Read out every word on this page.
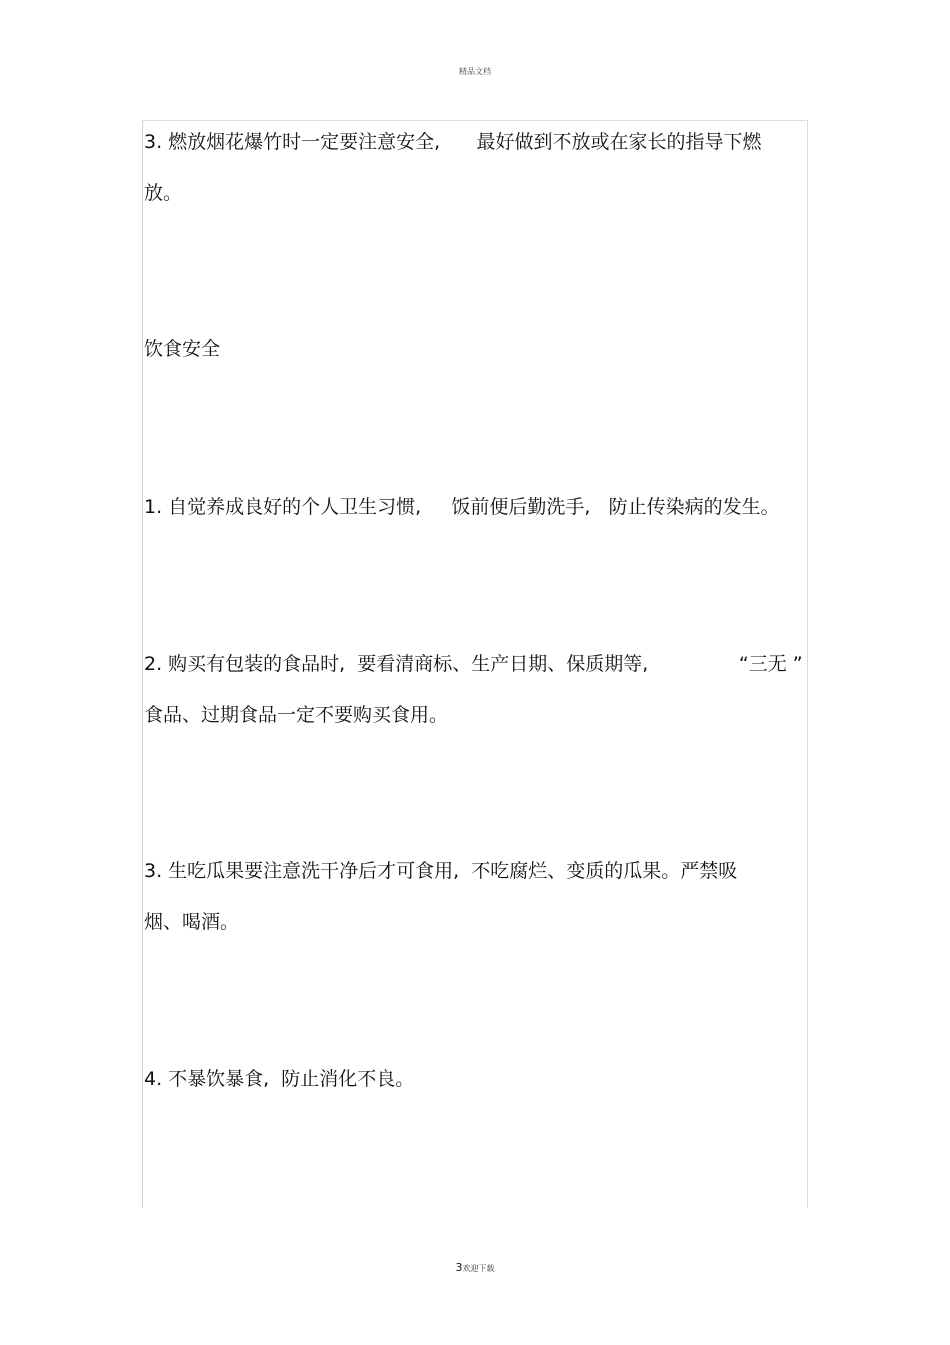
精品文档
3. 燃放烟花爆竹时一定要注意安全,      最好做到不放或在家长的指导下燃
放。
饮食安全
1. 自觉养成良好的个人卫生习惯,     饭前便后勤洗手,   防止传染病的发生。
2. 购买有包装的食品时,  要看清商标、生产日期、保质期等,               “三无 ”
食品、过期食品一定不要购买食用。
3. 生吃瓜果要注意洗干净后才可食用,  不吃腐烂、变质的瓜果。严禁吸
烟、喝酒。
4. 不暴饮暴食,  防止消化不良。
3欢迎下载
